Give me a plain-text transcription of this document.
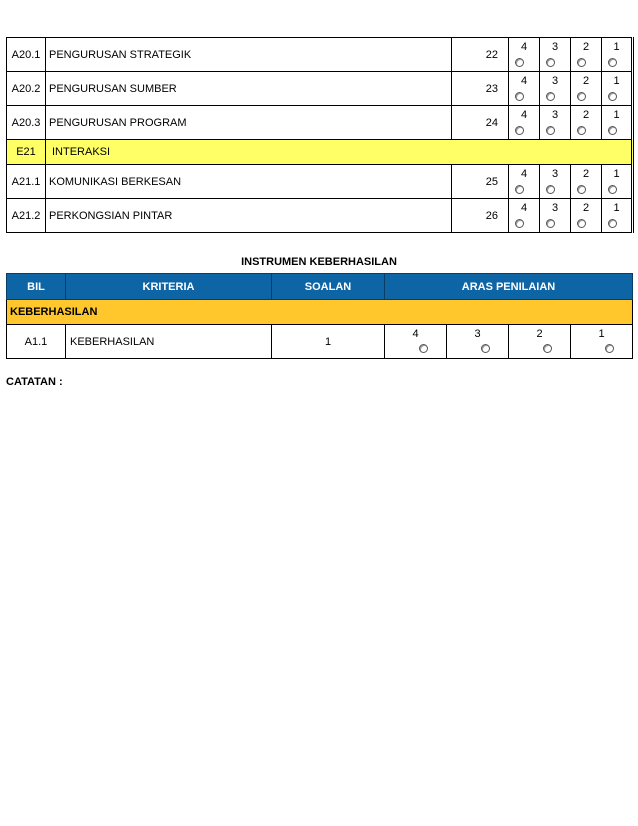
A20.1	PENGURUSAN STRATEGIK	22	4	3	2	1

A20.2	PENGURUSAN SUMBER	23	4	3	2	1

A20.3	PENGURUSAN PROGRAM	24	4	3	2	1

E21	INTERAKSI					
A21.1	KOMUNIKASI BERKESAN	25	4	3	2	1

A21.2	PERKONGSIAN PINTAR	26	4	3	2	1
INSTRUMEN KEBERHASILAN
BIL	KRITERIA	SOALAN	ARAS PENILAIAN			
KEBERHASILAN						
A1.1	KEBERHASILAN	1	4	3	2	1
CATATAN :
